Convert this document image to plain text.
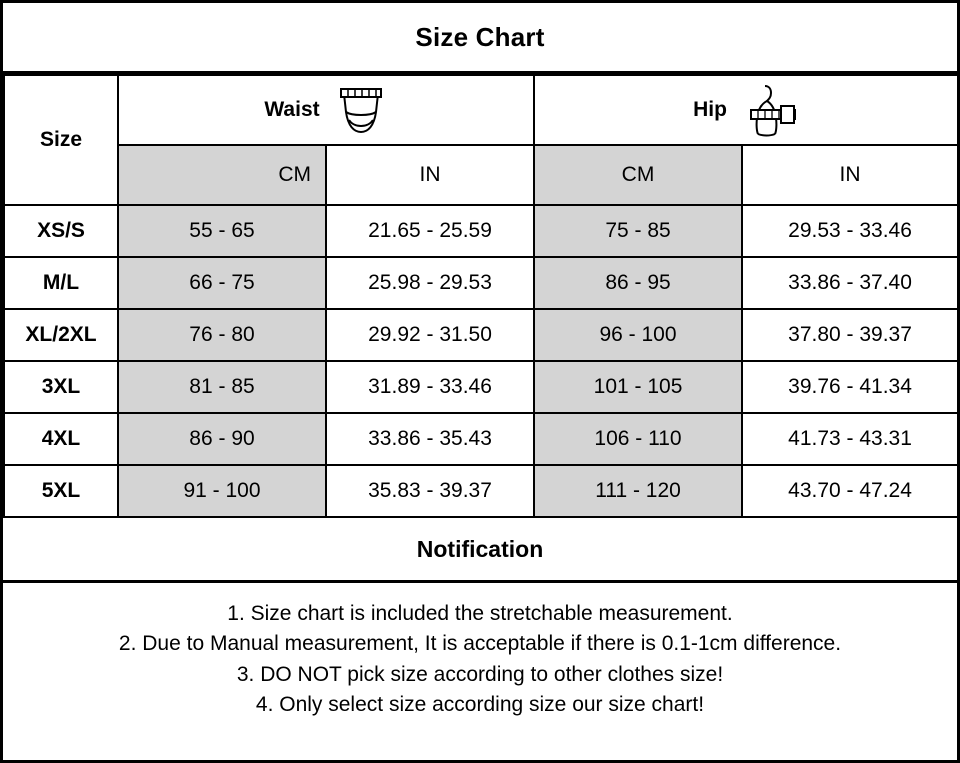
Size Chart
Size	Waist		Hip	

	CM	IN	CM	IN
XS/S	55 - 65	21.65 - 25.59	75 - 85	29.53 - 33.46
M/L	66 - 75	25.98 - 29.53	86 - 95	33.86 - 37.40
XL/2XL	76 - 80	29.92 - 31.50	96 - 100	37.80 - 39.37
3XL	81 - 85	31.89 - 33.46	101 - 105	39.76 - 41.34
4XL	86 - 90	33.86 - 35.43	106 - 110	41.73 - 43.31
5XL	91 - 100	35.83 - 39.37	111 - 120	43.70 - 47.24
Notification
1. Size chart is included the stretchable measurement.
2. Due to Manual measurement, It is acceptable if there is 0.1-1cm difference.
3. DO NOT pick size according to other clothes size!
4. Only select size according size our size chart!
